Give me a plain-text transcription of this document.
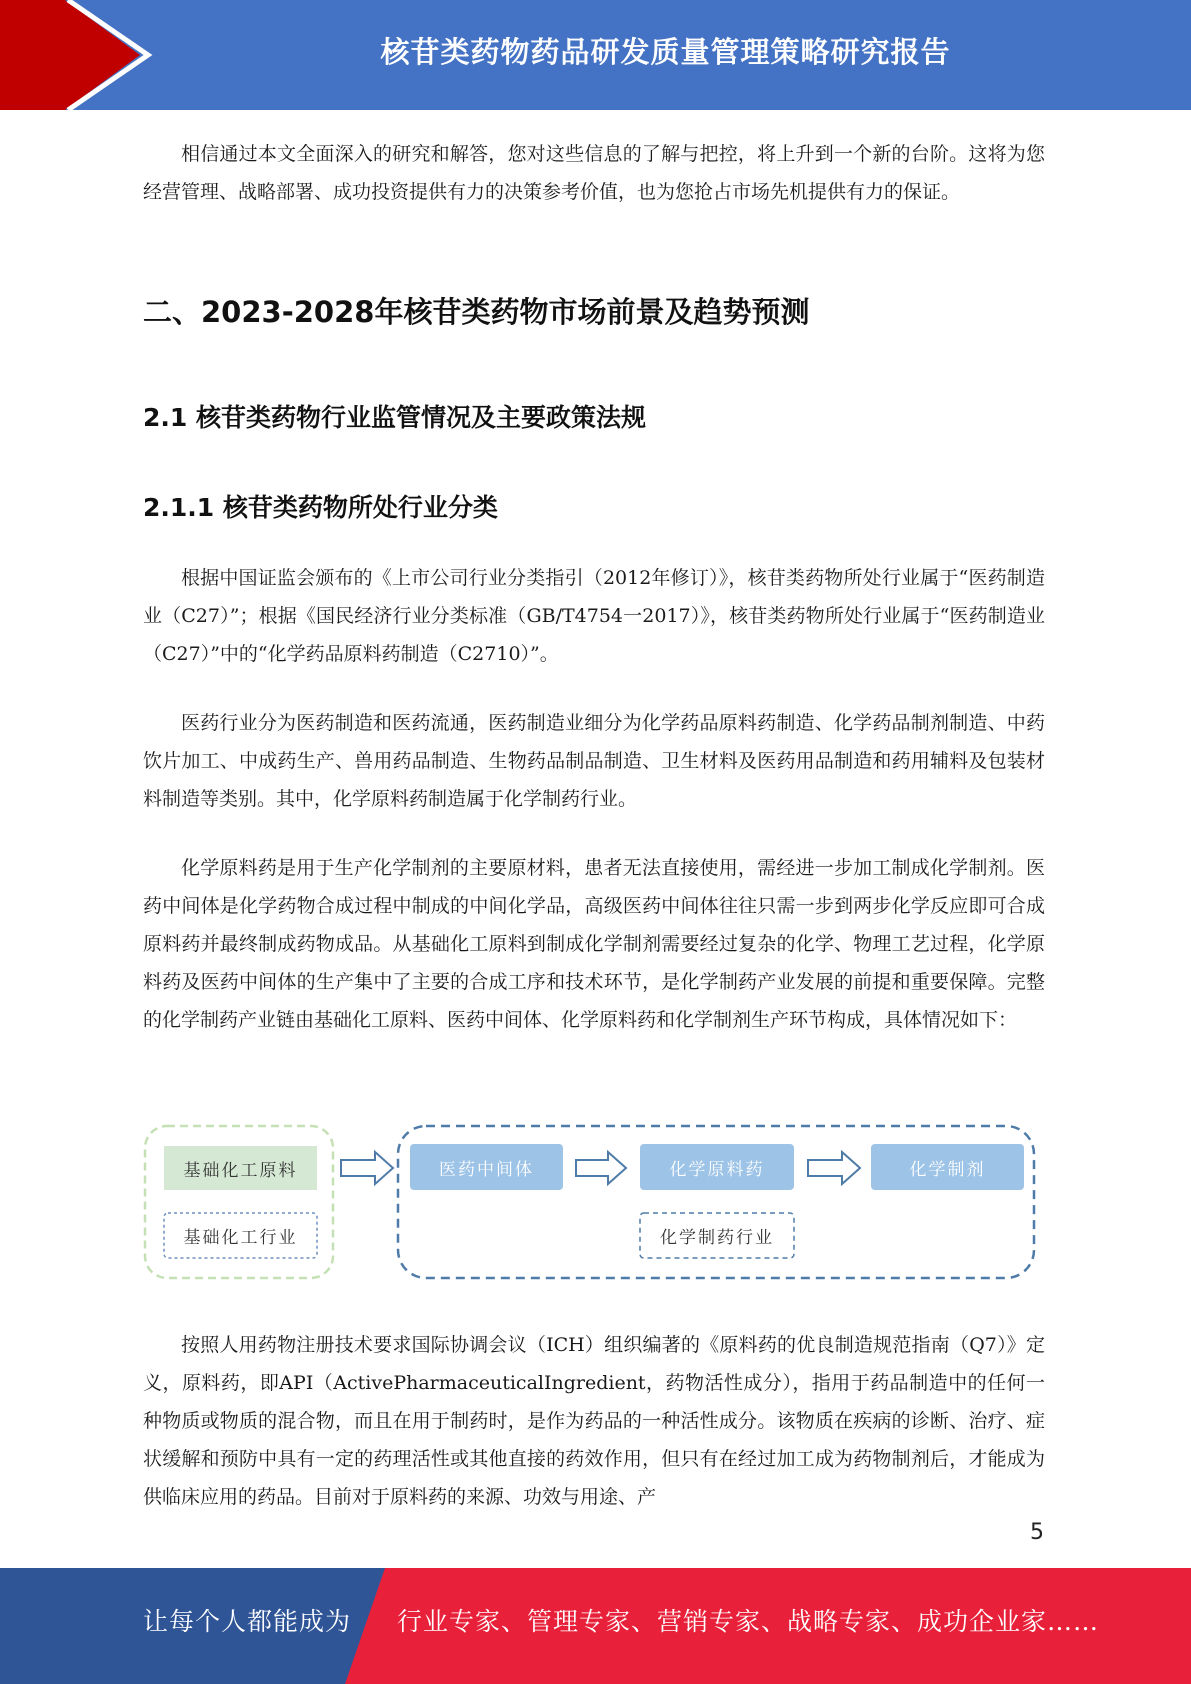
核苷类药物药品研发质量管理策略研究报告

相信通过本文全面深入的研究和解答，您对这些信息的了解与把控，将上升到一个新的台阶。这将为您经营管理、战略部署、成功投资提供有力的决策参考价值，也为您抢占市场先机提供有力的保证。

二、2023-2028年核苷类药物市场前景及趋势预测
2.1 核苷类药物行业监管情况及主要政策法规
2.1.1 核苷类药物所处行业分类

根据中国证监会颁布的《上市公司行业分类指引（2012年修订）》，核苷类药物所处行业属于“医药制造业（C27）”；根据《国民经济行业分类标准（GB/T4754一2017）》，核苷类药物所处行业属于“医药制造业（C27）”中的“化学药品原料药制造（C2710）”。

医药行业分为医药制造和医药流通，医药制造业细分为化学药品原料药制造、化学药品制剂制造、中药饮片加工、中成药生产、兽用药品制造、生物药品制品制造、卫生材料及医药用品制造和药用辅料及包装材料制造等类别。其中，化学原料药制造属于化学制药行业。

化学原料药是用于生产化学制剂的主要原材料，患者无法直接使用，需经进一步加工制成化学制剂。医药中间体是化学药物合成过程中制成的中间化学品，高级医药中间体往往只需一步到两步化学反应即可合成原料药并最终制成药物成品。从基础化工原料到制成化学制剂需要经过复杂的化学、物理工艺过程，化学原料药及医药中间体的生产集中了主要的合成工序和技术环节，是化学制药产业发展的前提和重要保障。完整的化学制药产业链由基础化工原料、医药中间体、化学原料药和化学制剂生产环节构成，具体情况如下：

基础化工原料
基础化工行业
医药中间体	化学原料药	化学制剂
化学制药行业

按照人用药物注册技术要求国际协调会议（ICH）组织编著的《原料药的优良制造规范指南（Q7）》定义，原料药，即API（ActivePharmaceuticalIngredient，药物活性成分），指用于药品制造中的任何一种物质或物质的混合物，而且在用于制药时，是作为药品的一种活性成分。该物质在疾病的诊断、治疗、症状缓解和预防中具有一定的药理活性或其他直接的药效作用，但只有在经过加工成为药物制剂后，才能成为供临床应用的药品。目前对于原料药的来源、功效与用途、产

5
让每个人都能成为 行业专家、管理专家、营销专家、战略专家、成功企业家……
